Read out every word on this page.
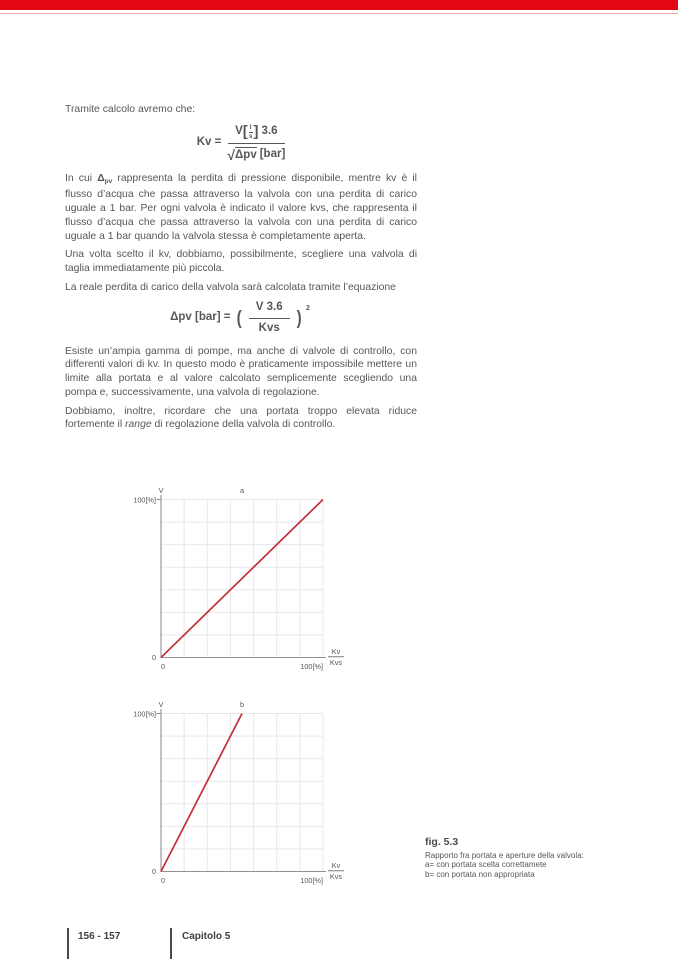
Tramite calcolo avremo che:

Kv = V [ l
s ] 3.6
√ Δpv [bar]

In cui $\Delta_{pv}$ rappresenta la perdita di pressione disponibile, mentre kv è il flusso d’acqua che passa attraverso la valvola con una perdita di carico uguale a 1 bar. Per ogni valvola è indicato il valore kvs, che rappresenta il flusso d’acqua che passa attraverso la valvola con una perdita di carico uguale a 1 bar quando la valvola stessa è completamente aperta.

Una volta scelto il kv, dobbiamo, possibilmente, scegliere una valvola di taglia immediatamente più piccola.

La reale perdita di carico della valvola sarà calcolata tramite l’equazione

Δpv [bar] = ( $\frac{V 3.6}{\text{Kvs}}$ ) $^2$

Esiste un’ampia gamma di pompe, ma anche di valvole di controllo, con differenti valori di kv. In questo modo è praticamente impossibile mettere un limite alla portata e al valore calcolato semplicemente scegliendo una pompa e, successivamente, una valvola di regolazione.

Dobbiamo, inoltre, ricordare che una portata troppo elevata riduce fortemente il range di regolazione della valvola di controllo.

a
V
100[%]
0
0	100[%]
Kv
Kvs
b
V
100[%]
0
0	100[%]
Kv
Kvs
fig. 5.3
Rapporto fra portata e aperture della valvola:
a= con portata scelta correttamete
b= con portata non appropriata
156 - 157	Capitolo 5
